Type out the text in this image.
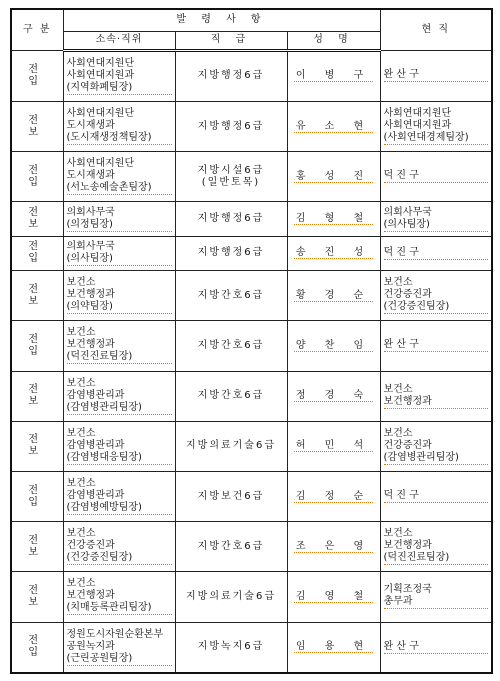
구 분	발 령 사 항			현 직
	소속·직위	직 급	성 명	
전 입	사회연대지원단
사회연대지원과
(지역화폐팀장)	지방행정6급	이 병 구	완 산 구

전 보	사회연대지원단
도시재생과
(도시재생정책팀장)	지방행정6급	유 소 현	사회연대지원단
사회연대지원과
(사회연대경제팀장)

전 입	사회연대지원단
도시재생과
(서노송예술촌팀장)	지방시설6급
(일반토목)	홍 성 진	덕 진 구

전 보	의회사무국
(의정팀장)	지방행정6급	김 형 철	의회사무국
(의사팀장)

전 입	의회사무국
(의사팀장)	지방행정6급	송 진 성	덕 진 구

전 보	보건소
보건행정과
(의약팀장)	지방간호6급	황 경 순	보건소
건강증진과
(건강증진팀장)

전 입	보건소
보건행정과
(덕진진료팀장)	지방간호6급	양 찬 임	완 산 구

전 보	보건소
감염병관리과
(감염병관리팀장)	지방간호6급	정 경 숙	보건소
보건행정과

전 보	보건소
감염병관리과
(감염병대응팀장)	지방의료기술6급	허 민 석	보건소
건강증진과
(감염병관리팀장)

전 입	보건소
감염병관리과
(감염병예방팀장)	지방보건6급	김 정 순	덕 진 구

전 보	보건소
건강증진과
(건강증진팀장)	지방간호6급	조 은 영	보건소
보건행정과
(덕진진료팀장)

전 보	보건소
보건행정과
(치매등록관리팀장)	지방의료기술6급	김 영 철	기획조정국
총무과

전 입	정원도시자원순환본부
공원녹지과
(근린공원팀장)	지방녹지6급	임 용 현	완 산 구
